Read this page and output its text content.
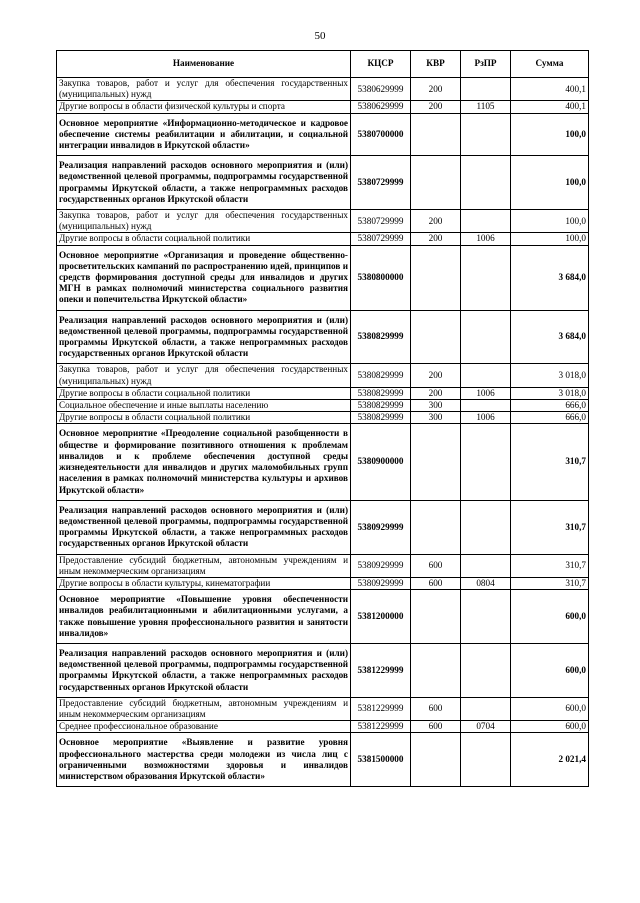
50
Наименование	КЦСР	КВР	РзПР	Сумма
Закупка товаров, работ и услуг для обеспечения государственных (муниципальных) нужд	5380629999	200		400,1
Другие вопросы в области физической культуры и спорта	5380629999	200	1105	400,1
Основное мероприятие «Информационно-методическое и кадровое обеспечение системы реабилитации и абилитации, и социальной интеграции инвалидов в Иркутской области»	5380700000			100,0
Реализация направлений расходов основного мероприятия и (или) ведомственной целевой программы, подпрограммы государственной программы Иркутской области, а также непрограммных расходов государственных органов Иркутской области	5380729999			100,0
Закупка товаров, работ и услуг для обеспечения государственных (муниципальных) нужд	5380729999	200		100,0
Другие вопросы в области социальной политики	5380729999	200	1006	100,0
Основное мероприятие «Организация и проведение общественно-просветительских кампаний по распространению идей, принципов и средств формирования доступной среды для инвалидов и других МГН в рамках полномочий министерства социального развития опеки и попечительства Иркутской области»	5380800000			3 684,0
Реализация направлений расходов основного мероприятия и (или) ведомственной целевой программы, подпрограммы государственной программы Иркутской области, а также непрограммных расходов государственных органов Иркутской области	5380829999			3 684,0
Закупка товаров, работ и услуг для обеспечения государственных (муниципальных) нужд	5380829999	200		3 018,0
Другие вопросы в области социальной политики	5380829999	200	1006	3 018,0
Социальное обеспечение и иные выплаты населению	5380829999	300		666,0
Другие вопросы в области социальной политики	5380829999	300	1006	666,0
Основное мероприятие «Преодоление социальной разобщенности в обществе и формирование позитивного отношения к проблемам инвалидов и к проблеме обеспечения доступной среды жизнедеятельности для инвалидов и других маломобильных групп населения в рамках полномочий министерства культуры и архивов Иркутской области»	5380900000			310,7
Реализация направлений расходов основного мероприятия и (или) ведомственной целевой программы, подпрограммы государственной программы Иркутской области, а также непрограммных расходов государственных органов Иркутской области	5380929999			310,7
Предоставление субсидий бюджетным, автономным учреждениям и иным некоммерческим организациям	5380929999	600		310,7
Другие вопросы в области культуры, кинематографии	5380929999	600	0804	310,7
Основное мероприятие «Повышение уровня обеспеченности инвалидов реабилитационными и абилитационными услугами, а также повышение уровня профессионального развития и занятости инвалидов»	5381200000			600,0
Реализация направлений расходов основного мероприятия и (или) ведомственной целевой программы, подпрограммы государственной программы Иркутской области, а также непрограммных расходов государственных органов Иркутской области	5381229999			600,0
Предоставление субсидий бюджетным, автономным учреждениям и иным некоммерческим организациям	5381229999	600		600,0
Среднее профессиональное образование	5381229999	600	0704	600,0
Основное мероприятие «Выявление и развитие уровня профессионального мастерства среди молодежи из числа лиц с ограниченными возможностями здоровья и инвалидов министерством образования Иркутской области»	5381500000			2 021,4
